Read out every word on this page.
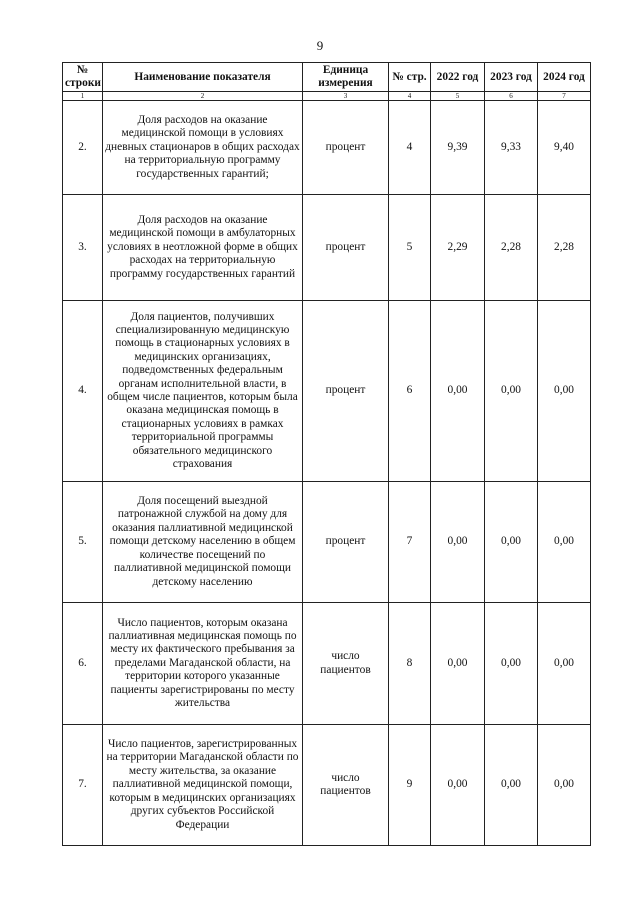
9
№ строки	Наименование показателя	Единица измерения	№ стр.	2022 год	2023 год	2024 год
1	2	3	4	5	6	7
2.	Доля расходов на оказание медицинской помощи в условиях дневных стационаров в общих расходах на территориальную программу государственных гарантий;	процент	4	9,39	9,33	9,40
3.	Доля расходов на оказание медицинской помощи в амбулаторных условиях в неотложной форме в общих расходах на территориальную программу государственных гарантий	процент	5	2,29	2,28	2,28
4.	Доля пациентов, получивших специализированную медицинскую помощь в стационарных условиях в медицинских организациях, подведомственных федеральным органам исполнительной власти, в общем числе пациентов, которым была оказана медицинская помощь в стационарных условиях в рамках территориальной программы обязательного медицинского страхования	процент	6	0,00	0,00	0,00
5.	Доля посещений выездной патронажной службой на дому для оказания паллиативной медицинской помощи детскому населению в общем количестве посещений по паллиативной медицинской помощи детскому населению	процент	7	0,00	0,00	0,00
6.	Число пациентов, которым оказана паллиативная медицинская помощь по месту их фактического пребывания за пределами Магаданской области, на территории которого указанные пациенты зарегистрированы по месту жительства	число пациентов	8	0,00	0,00	0,00
7.	Число пациентов, зарегистрированных на территории Магаданской области по месту жительства, за оказание паллиативной медицинской помощи, которым в медицинских организациях других субъектов Российской Федерации	число пациентов	9	0,00	0,00	0,00
